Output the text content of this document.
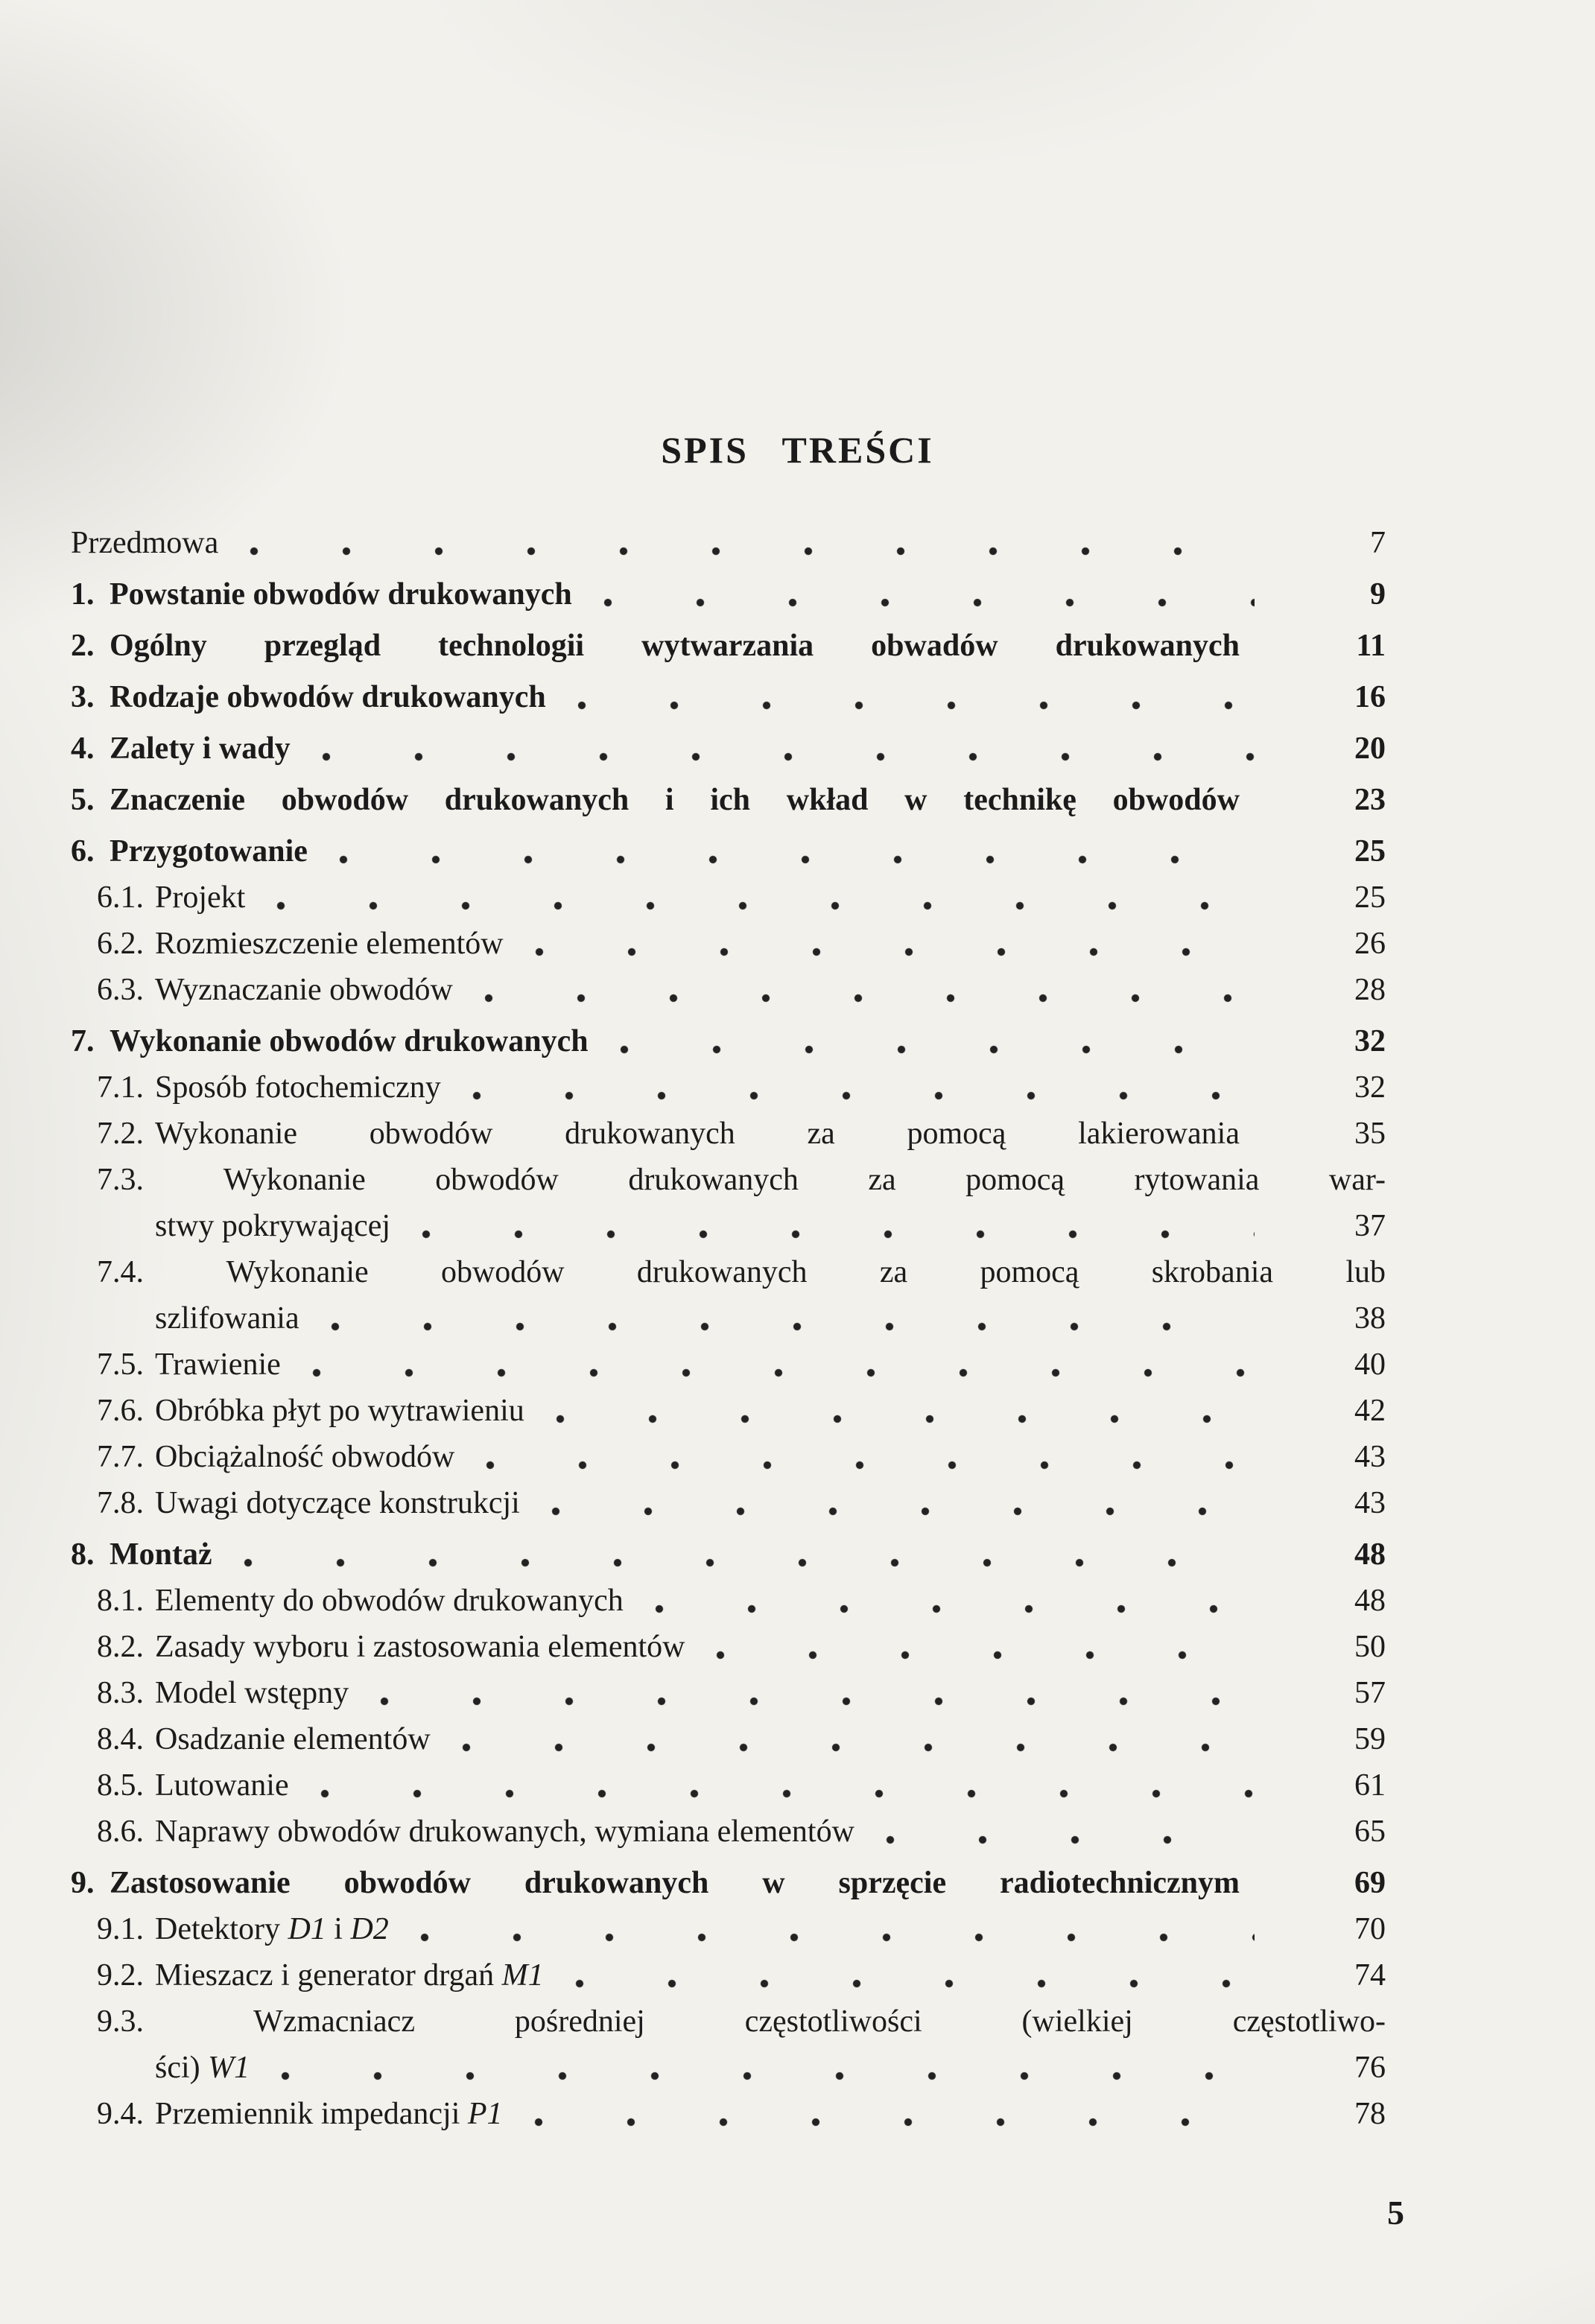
SPIS TREŚCI
Przedmowa	7
1. Powstanie obwodów drukowanych	9
2. Ogólny przegląd technologii wytwarzania obwadów drukowanych	11
3. Rodzaje obwodów drukowanych	16
4. Zalety i wady	20
5. Znaczenie obwodów drukowanych i ich wkład w technikę obwodów	23
6. Przygotowanie	25
6.1. Projekt	25
6.2. Rozmieszczenie elementów	26
6.3. Wyznaczanie obwodów	28
7. Wykonanie obwodów drukowanych	32
7.1. Sposób fotochemiczny	32
7.2. Wykonanie obwodów drukowanych za pomocą lakierowania	35
7.3.	Wykonanie obwodów drukowanych za pomocą rytowania war-
stwy pokrywającej	37
7.4.	Wykonanie obwodów drukowanych za pomocą skrobania lub
szlifowania	38
7.5. Trawienie	40
7.6. Obróbka płyt po wytrawieniu	42
7.7. Obciążalność obwodów	43
7.8. Uwagi dotyczące konstrukcji	43
8. Montaż	48
8.1. Elementy do obwodów drukowanych	48
8.2. Zasady wyboru i zastosowania elementów	50
8.3. Model wstępny	57
8.4. Osadzanie elementów	59
8.5. Lutowanie	61
8.6. Naprawy obwodów drukowanych, wymiana elementów	65
9. Zastosowanie obwodów drukowanych w sprzęcie radiotechnicznym	69
9.1. Detektory D1 i D2	70
9.2. Mieszacz i generator drgań M1	74
9.3.	Wzmacniacz pośredniej częstotliwości (wielkiej częstotliwo-
ści) W1	76
9.4. Przemiennik impedancji P1	78
5
